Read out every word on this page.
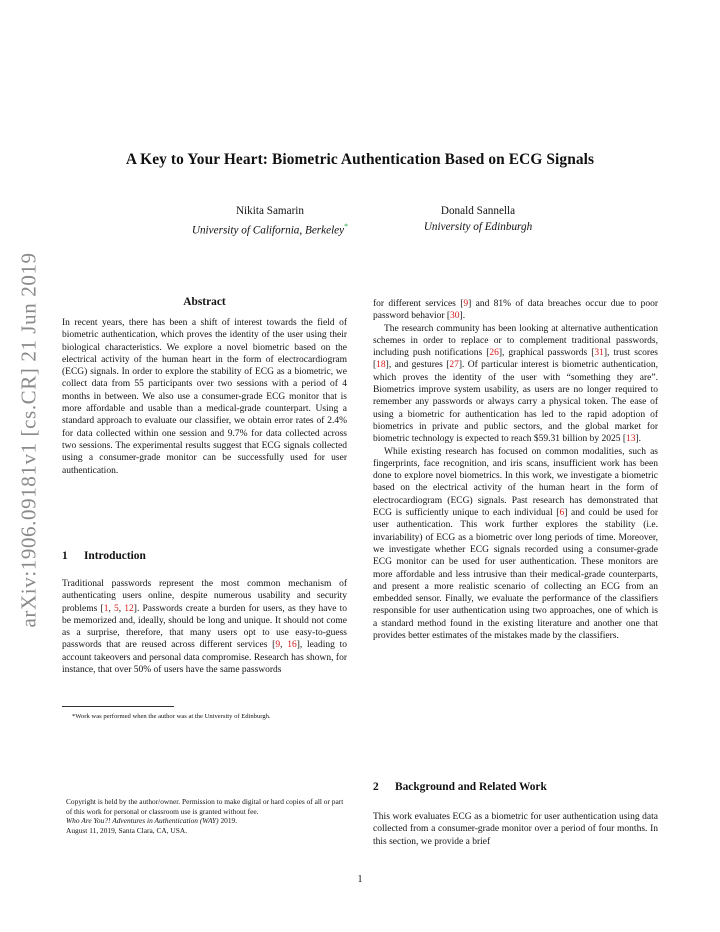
arXiv:1906.09181v1 [cs.CR] 21 Jun 2019
A Key to Your Heart: Biometric Authentication Based on ECG Signals
Nikita Samarin
University of California, Berkeley*
Donald Sannella
University of Edinburgh
Abstract

In recent years, there has been a shift of interest towards the field of biometric authentication, which proves the identity of the user using their biological characteristics. We explore a novel biometric based on the electrical activity of the human heart in the form of electrocardiogram (ECG) signals. In order to explore the stability of ECG as a biometric, we collect data from 55 participants over two sessions with a period of 4 months in between. We also use a consumer-grade ECG monitor that is more affordable and usable than a medical-grade counterpart. Using a standard approach to evaluate our classifier, we obtain error rates of 2.4% for data collected within one session and 9.7% for data collected across two sessions. The experimental results suggest that ECG signals collected using a consumer-grade monitor can be successfully used for user authentication.

1 Introduction

Traditional passwords represent the most common mechanism of authenticating users online, despite numerous usability and security problems [1, 5, 12]. Passwords create a burden for users, as they have to be memorized and, ideally, should be long and unique. It should not come as a surprise, therefore, that many users opt to use easy-to-guess passwords that are reused across different services [9, 16], leading to account takeovers and personal data compromise. Research has shown, for instance, that over 50% of users have the same passwords

*Work was performed when the author was at the University of Edinburgh.
Copyright is held by the author/owner. Permission to make digital or hard copies of all or part of this work for personal or classroom use is granted without fee.
Who Are You?! Adventures in Authentication (WAY) 2019.
August 11, 2019, Santa Clara, CA, USA.

for different services [9] and 81% of data breaches occur due to poor password behavior [30].

The research community has been looking at alternative authentication schemes in order to replace or to complement traditional passwords, including push notifications [26], graphical passwords [31], trust scores [18], and gestures [27]. Of particular interest is biometric authentication, which proves the identity of the user with “something they are”. Biometrics improve system usability, as users are no longer required to remember any passwords or always carry a physical token. The ease of using a biometric for authentication has led to the rapid adoption of biometrics in private and public sectors, and the global market for biometric technology is expected to reach $59.31 billion by 2025 [13].

While existing research has focused on common modalities, such as fingerprints, face recognition, and iris scans, insufficient work has been done to explore novel biometrics. In this work, we investigate a biometric based on the electrical activity of the human heart in the form of electrocardiogram (ECG) signals. Past research has demonstrated that ECG is sufficiently unique to each individual [6] and could be used for user authentication. This work further explores the stability (i.e. invariability) of ECG as a biometric over long periods of time. Moreover, we investigate whether ECG signals recorded using a consumer-grade ECG monitor can be used for user authentication. These monitors are more affordable and less intrusive than their medical-grade counterparts, and present a more realistic scenario of collecting an ECG from an embedded sensor. Finally, we evaluate the performance of the classifiers responsible for user authentication using two approaches, one of which is a standard method found in the existing literature and another one that provides better estimates of the mistakes made by the classifiers.

2 Background and Related Work

This work evaluates ECG as a biometric for user authentication using data collected from a consumer-grade monitor over a period of four months. In this section, we provide a brief

1
